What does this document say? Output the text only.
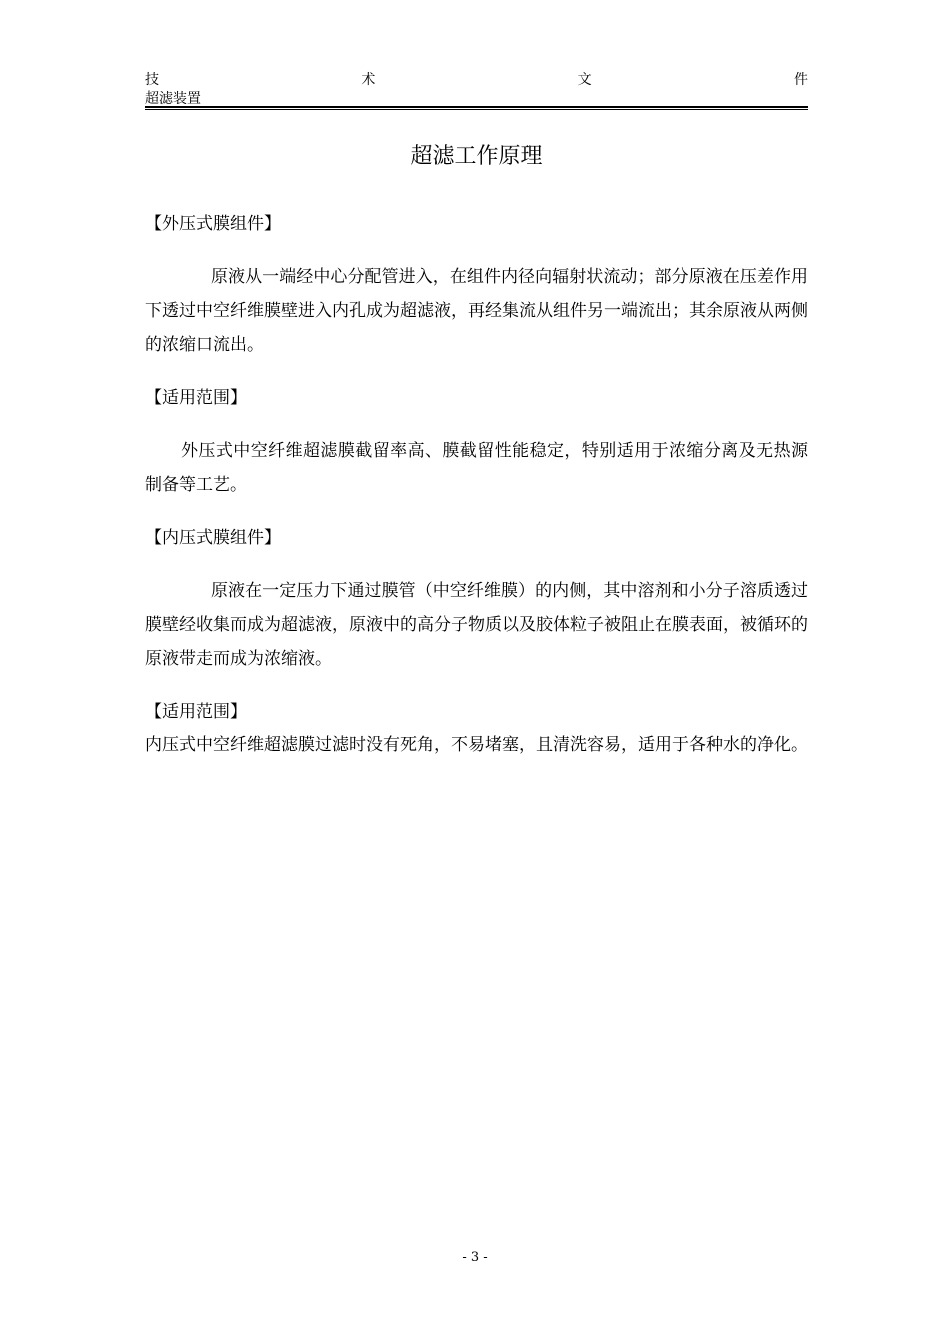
技	术	文	件
超滤装置
超滤工作原理

【外压式膜组件】

原液从一端经中心分配管进入，在组件内径向辐射状流动；部分原液在压差作用下透过中空纤维膜壁进入内孔成为超滤液，再经集流从组件另一端流出；其余原液从两侧的浓缩口流出。

【适用范围】

外压式中空纤维超滤膜截留率高、膜截留性能稳定，特别适用于浓缩分离及无热源制备等工艺。

【内压式膜组件】

原液在一定压力下通过膜管（中空纤维膜）的内侧，其中溶剂和小分子溶质透过膜壁经收集而成为超滤液，原液中的高分子物质以及胶体粒子被阻止在膜表面，被循环的原液带走而成为浓缩液。

【适用范围】

内压式中空纤维超滤膜过滤时没有死角，不易堵塞，且清洗容易，适用于各种水的净化。

- 3 -
